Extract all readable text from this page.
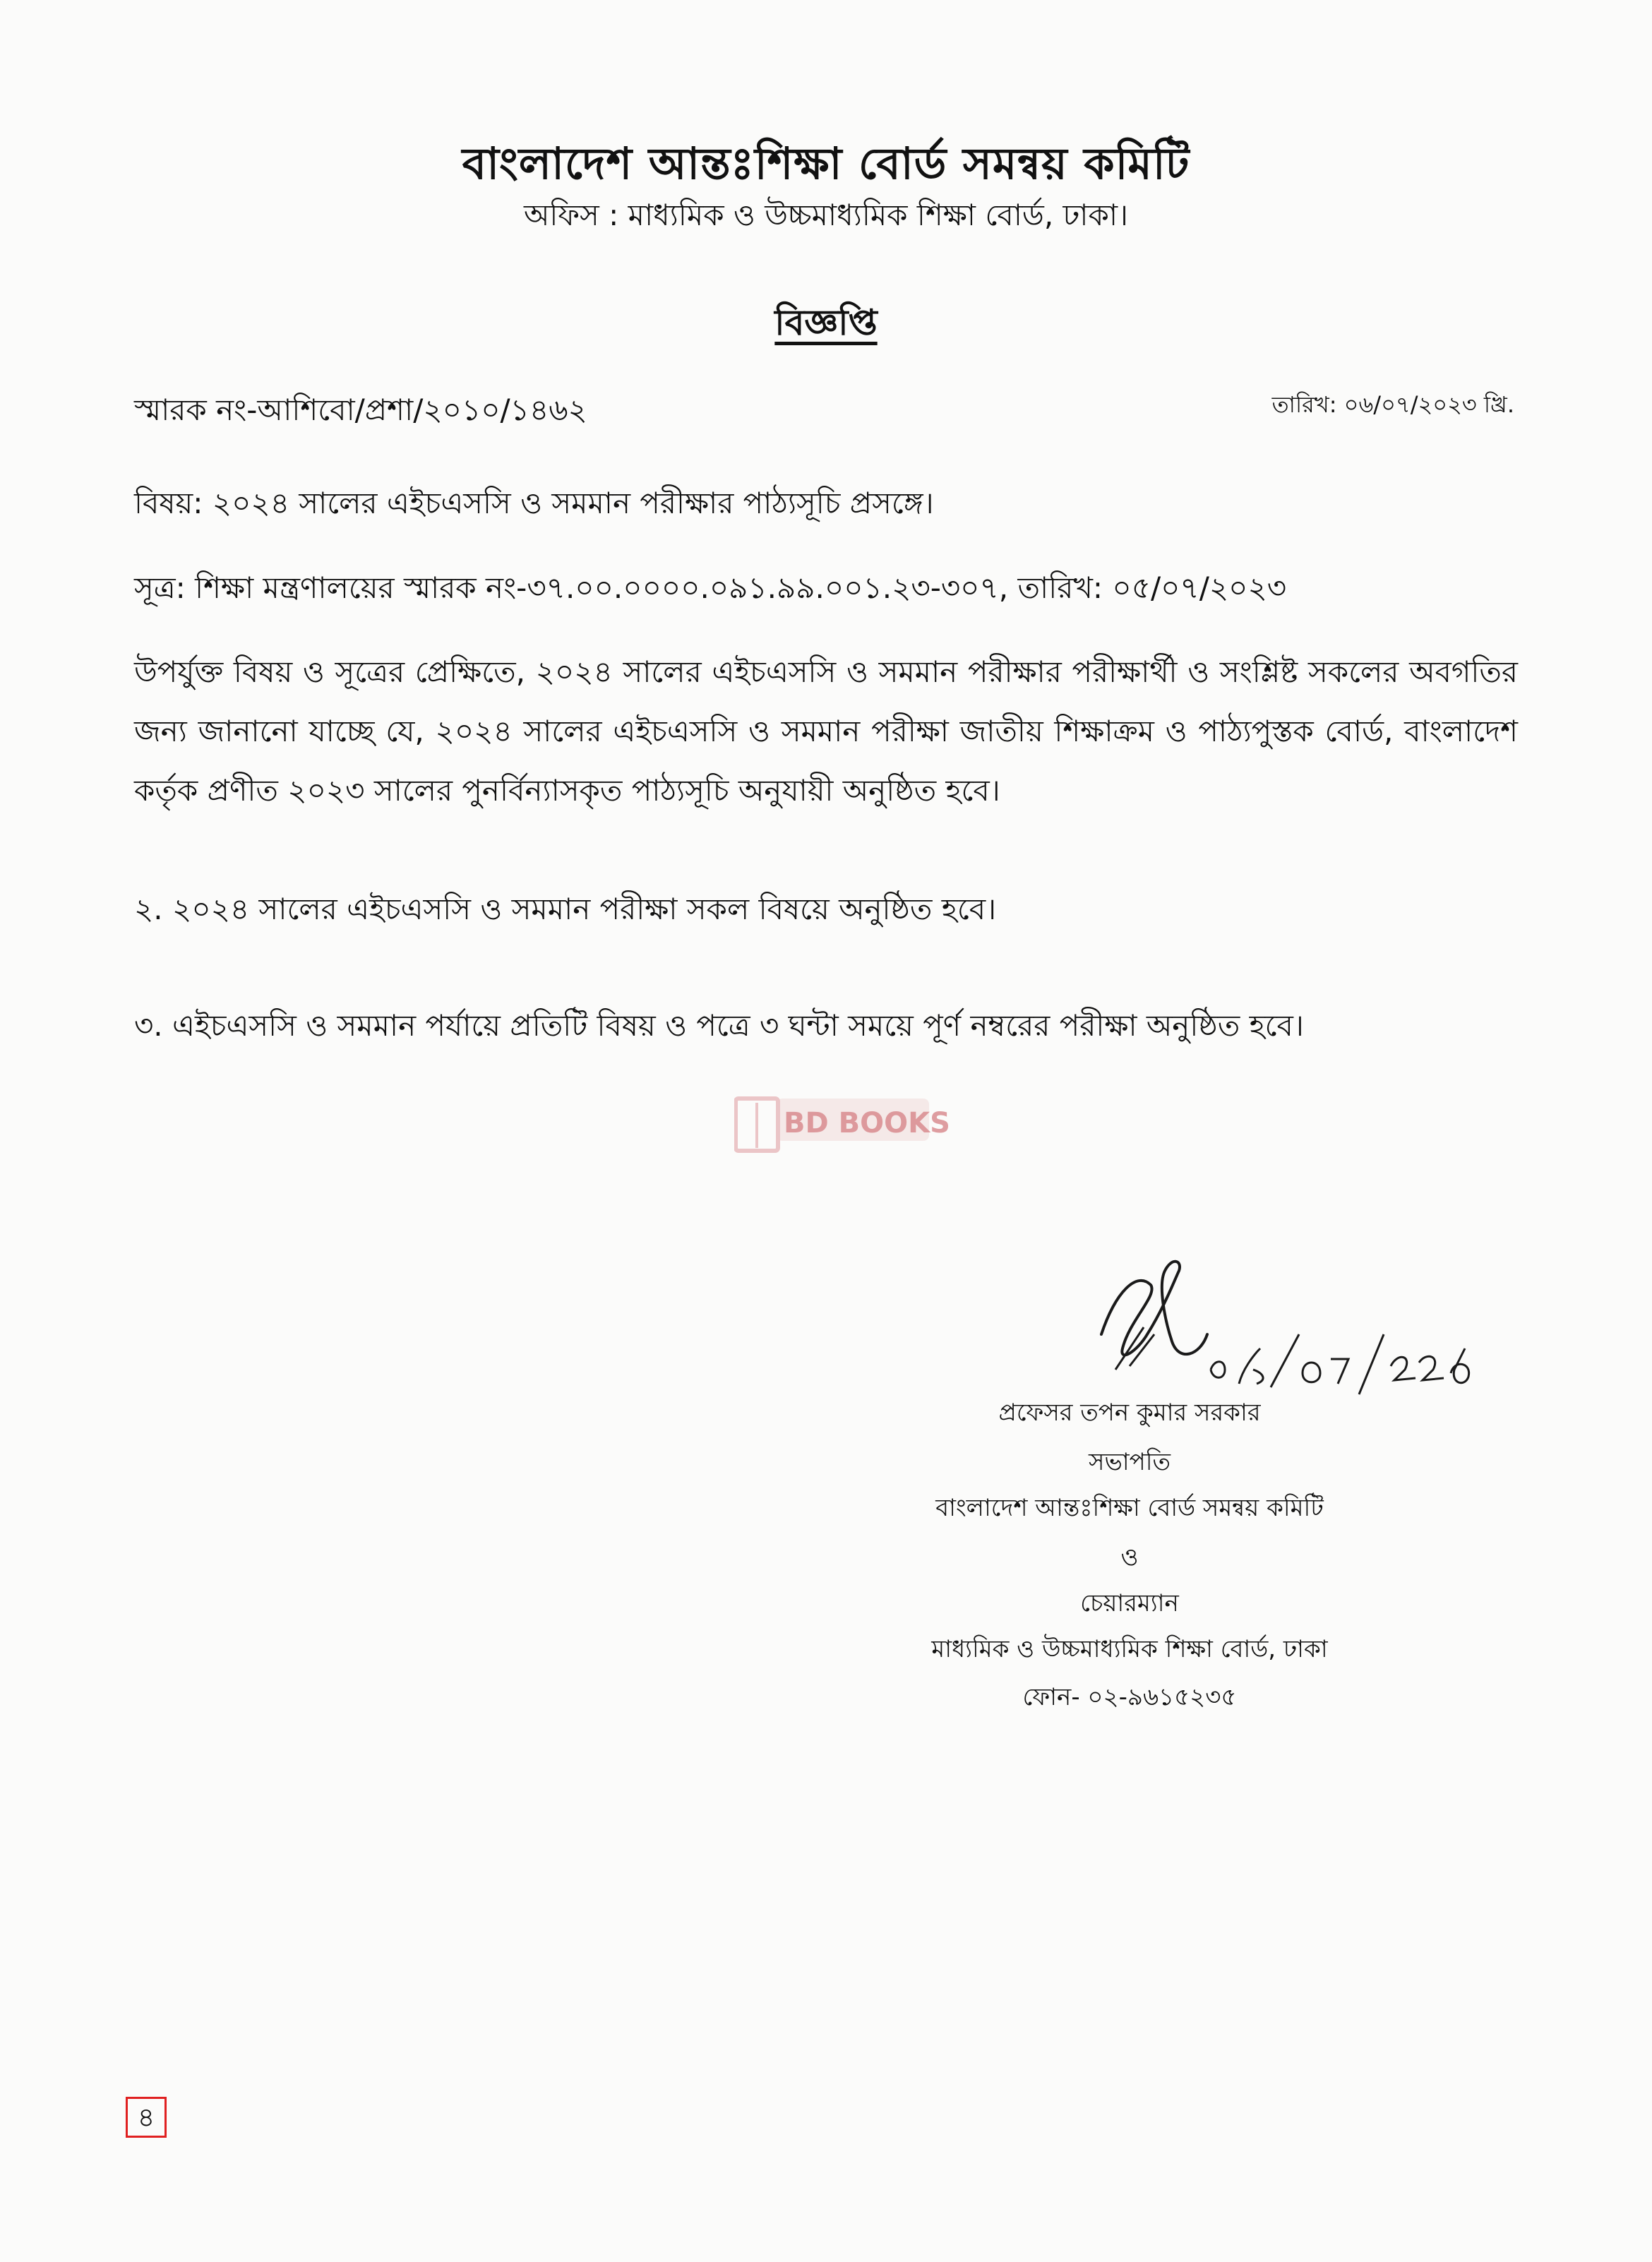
বাংলাদেশ আন্তঃশিক্ষা বোর্ড সমন্বয় কমিটি
অফিস : মাধ্যমিক ও উচ্চমাধ্যমিক শিক্ষা বোর্ড, ঢাকা।
বিজ্ঞপ্তি
স্মারক নং-আশিবো/প্রশা/২০১০/১৪৬২	তারিখ: ০৬/০৭/২০২৩ খ্রি.
বিষয়: ২০২৪ সালের এইচএসসি ও সমমান পরীক্ষার পাঠ্যসূচি প্রসঙ্গে।
সূত্র: শিক্ষা মন্ত্রণালয়ের স্মারক নং-৩৭.০০.০০০০.০৯১.৯৯.০০১.২৩-৩০৭, তারিখ: ০৫/০৭/২০২৩
উপর্যুক্ত বিষয় ও সূত্রের প্রেক্ষিতে, ২০২৪ সালের এইচএসসি ও সমমান পরীক্ষার পরীক্ষার্থী ও সংশ্লিষ্ট সকলের অবগতির জন্য জানানো যাচ্ছে যে, ২০২৪ সালের এইচএসসি ও সমমান পরীক্ষা জাতীয় শিক্ষাক্রম ও পাঠ্যপুস্তক বোর্ড, বাংলাদেশ কর্তৃক প্রণীত ২০২৩ সালের পুনর্বিন্যাসকৃত পাঠ্যসূচি অনুযায়ী অনুষ্ঠিত হবে।
২. ২০২৪ সালের এইচএসসি ও সমমান পরীক্ষা সকল বিষয়ে অনুষ্ঠিত হবে।
৩. এইচএসসি ও সমমান পর্যায়ে প্রতিটি বিষয় ও পত্রে ৩ ঘন্টা সময়ে পূর্ণ নম্বরের পরীক্ষা অনুষ্ঠিত হবে।
BD BOOKS
প্রফেসর তপন কুমার সরকার
সভাপতি
বাংলাদেশ আন্তঃশিক্ষা বোর্ড সমন্বয় কমিটি
ও
চেয়ারম্যান
মাধ্যমিক ও উচ্চমাধ্যমিক শিক্ষা বোর্ড, ঢাকা
ফোন- ০২-৯৬১৫২৩৫
৪
